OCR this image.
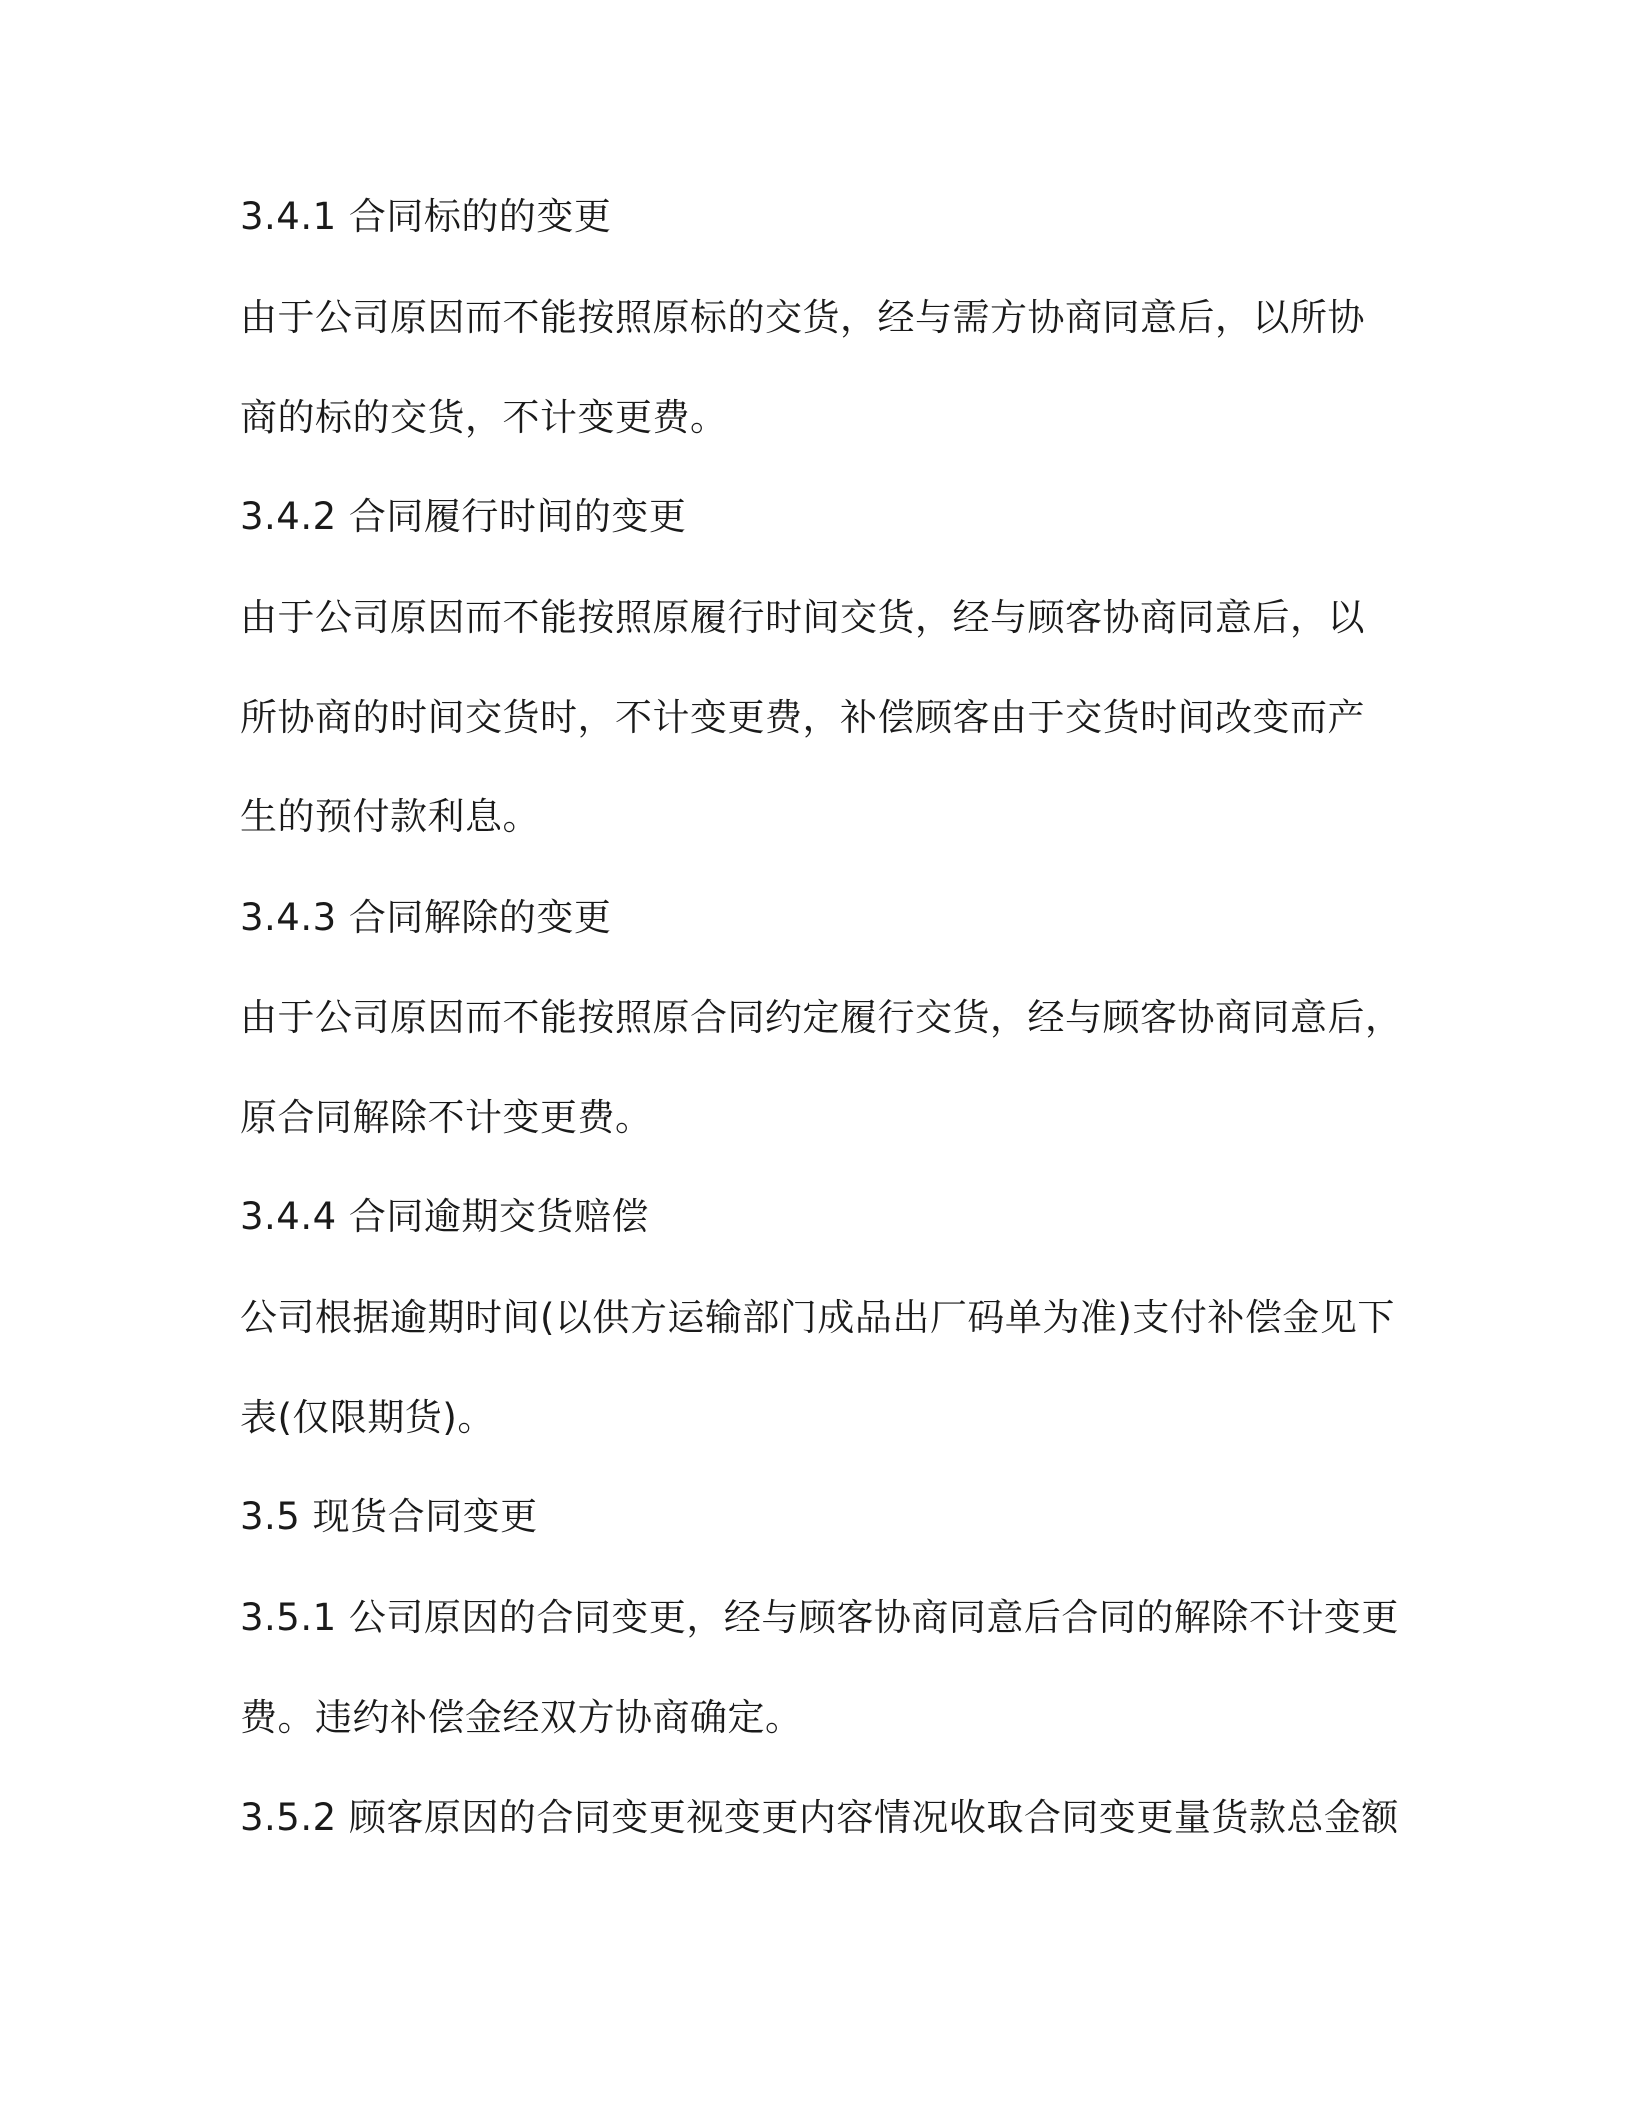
3.4.1 合同标的的变更
由于公司原因而不能按照原标的交货，经与需方协商同意后，以所协
商的标的交货，不计变更费。
3.4.2 合同履行时间的变更
由于公司原因而不能按照原履行时间交货，经与顾客协商同意后，以
所协商的时间交货时，不计变更费，补偿顾客由于交货时间改变而产
生的预付款利息。
3.4.3 合同解除的变更
由于公司原因而不能按照原合同约定履行交货，经与顾客协商同意后，
原合同解除不计变更费。
3.4.4 合同逾期交货赔偿
公司根据逾期时间(以供方运输部门成品出厂码单为准)支付补偿金见下
表(仅限期货)。
3.5 现货合同变更
3.5.1 公司原因的合同变更，经与顾客协商同意后合同的解除不计变更
费。违约补偿金经双方协商确定。
3.5.2 顾客原因的合同变更视变更内容情况收取合同变更量货款总金额
